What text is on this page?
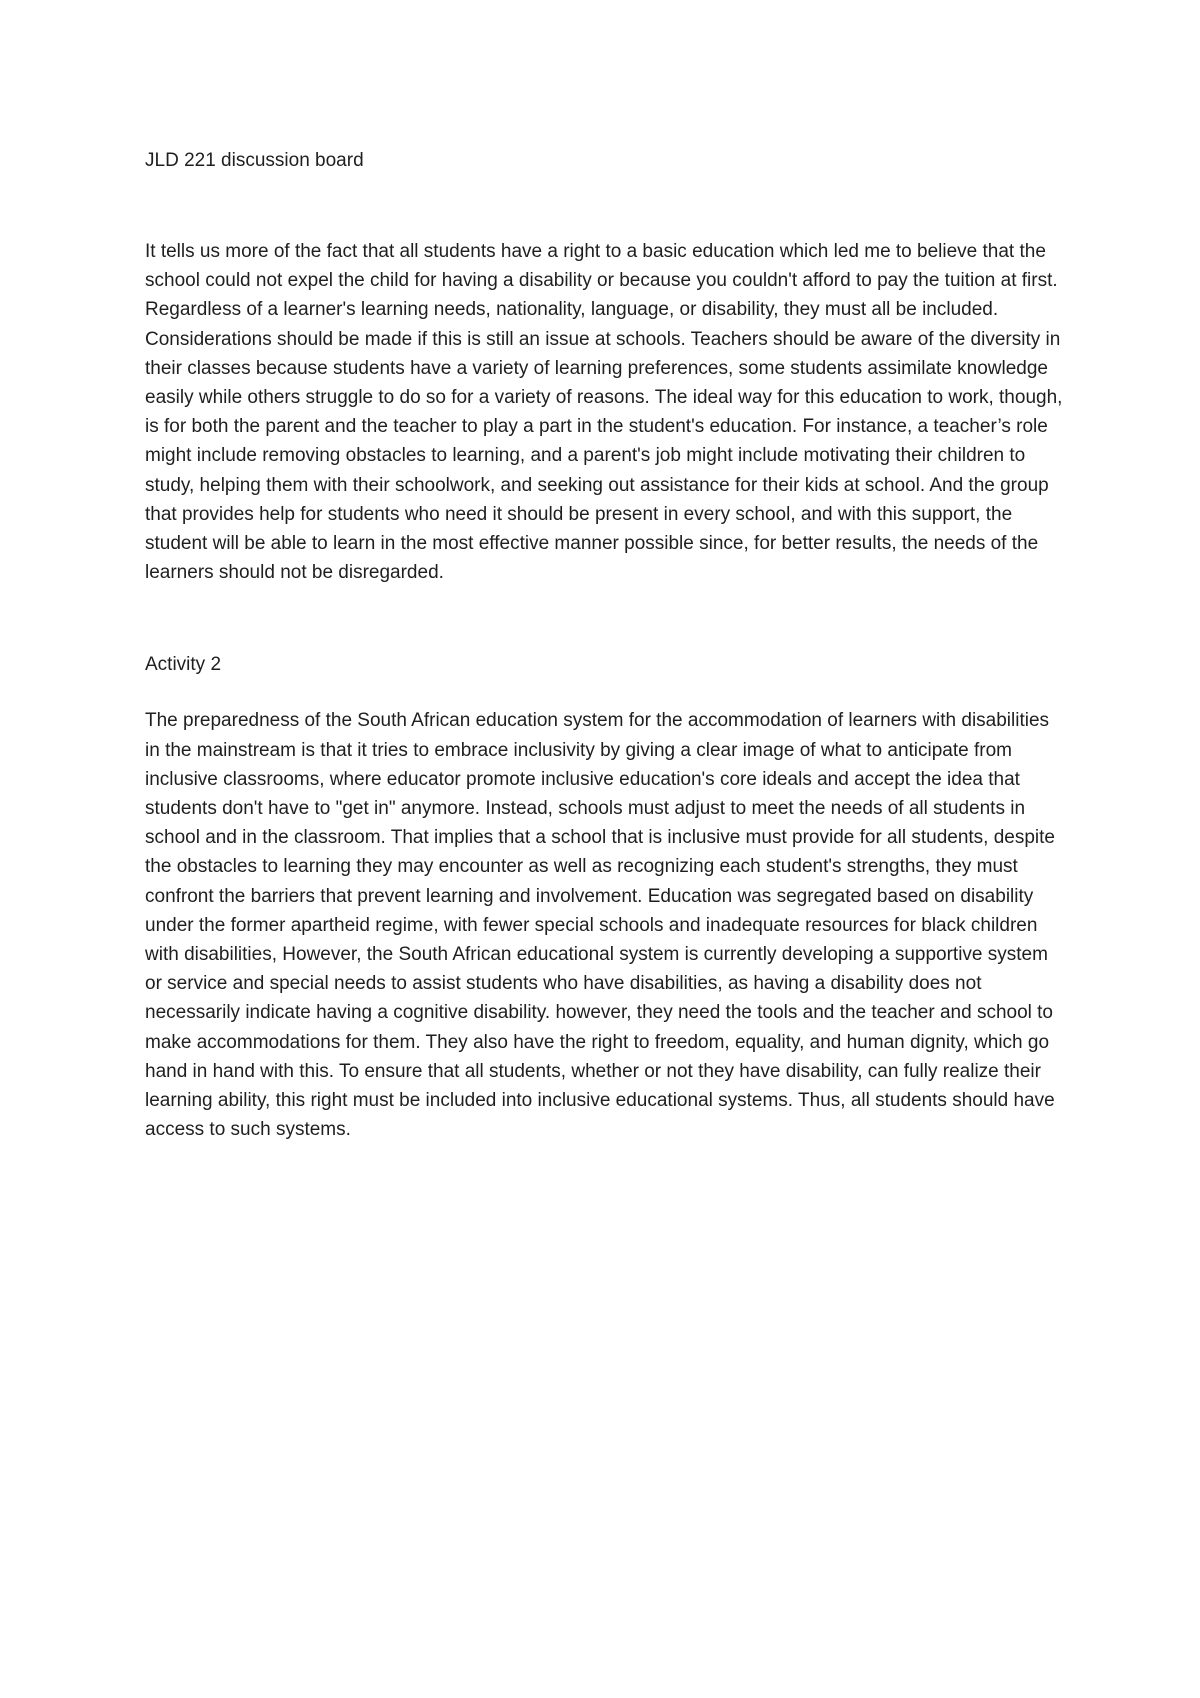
JLD 221 discussion board

It tells us more of the fact that all students have a right to a basic education which led me to believe that the school could not expel the child for having a disability or because you couldn't afford to pay the tuition at first. Regardless of a learner's learning needs, nationality, language, or disability, they must all be included. Considerations should be made if this is still an issue at schools. Teachers should be aware of the diversity in their classes because students have a variety of learning preferences, some students assimilate knowledge easily while others struggle to do so for a variety of reasons. The ideal way for this education to work, though, is for both the parent and the teacher to play a part in the student's education. For instance, a teacher’s role might include removing obstacles to learning, and a parent's job might include motivating their children to study, helping them with their schoolwork, and seeking out assistance for their kids at school. And the group that provides help for students who need it should be present in every school, and with this support, the student will be able to learn in the most effective manner possible since, for better results, the needs of the learners should not be disregarded.

Activity 2

The preparedness of the South African education system for the accommodation of learners with disabilities in the mainstream is that it tries to embrace inclusivity by giving a clear image of what to anticipate from inclusive classrooms, where educator promote inclusive education's core ideals and accept the idea that students don't have to "get in" anymore. Instead, schools must adjust to meet the needs of all students in school and in the classroom. That implies that a school that is inclusive must provide for all students, despite the obstacles to learning they may encounter as well as recognizing each student's strengths, they must confront the barriers that prevent learning and involvement. Education was segregated based on disability under the former apartheid regime, with fewer special schools and inadequate resources for black children with disabilities, However, the South African educational system is currently developing a supportive system or service and special needs to assist students who have disabilities, as having a disability does not necessarily indicate having a cognitive disability. however, they need the tools and the teacher and school to make accommodations for them. They also have the right to freedom, equality, and human dignity, which go hand in hand with this. To ensure that all students, whether or not they have disability, can fully realize their learning ability, this right must be included into inclusive educational systems. Thus, all students should have access to such systems.
